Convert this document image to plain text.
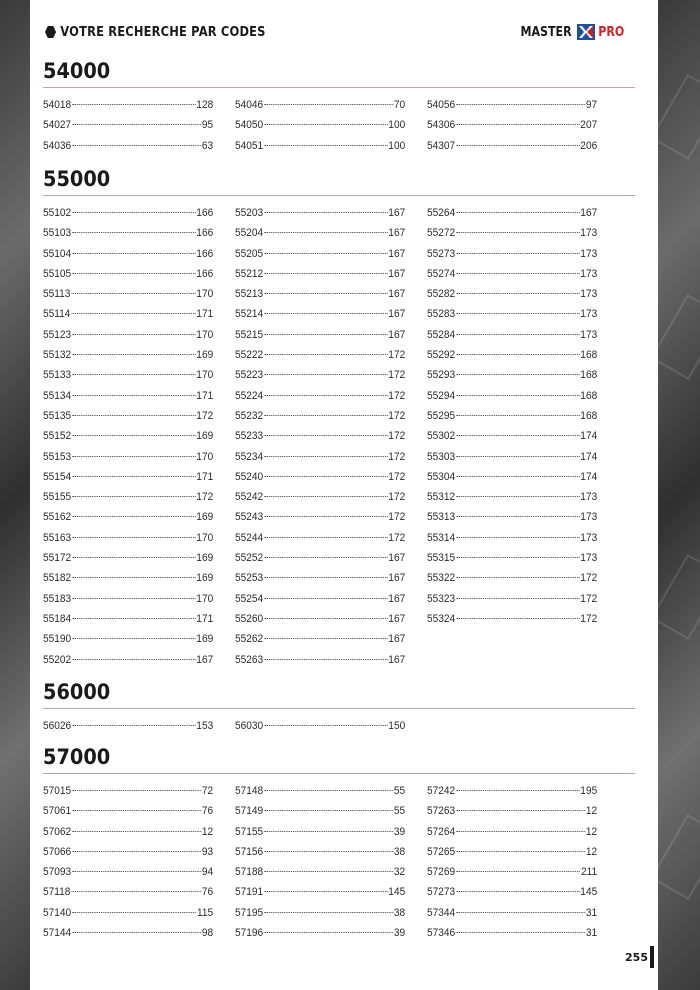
VOTRE RECHERCHE PAR CODES	MASTER PRO
54000
54018	128
54027	95
54036	63
54046	70
54050	100
54051	100
54056	97
54306	207
54307	206
55000
55102	166
55103	166
55104	166
55105	166
55113	170
55114	171
55123	170
55132	169
55133	170
55134	171
55135	172
55152	169
55153	170
55154	171
55155	172
55162	169
55163	170
55172	169
55182	169
55183	170
55184	171
55190	169
55202	167
55203	167
55204	167
55205	167
55212	167
55213	167
55214	167
55215	167
55222	172
55223	172
55224	172
55232	172
55233	172
55234	172
55240	172
55242	172
55243	172
55244	172
55252	167
55253	167
55254	167
55260	167
55262	167
55263	167
55264	167
55272	173
55273	173
55274	173
55282	173
55283	173
55284	173
55292	168
55293	168
55294	168
55295	168
55302	174
55303	174
55304	174
55312	173
55313	173
55314	173
55315	173
55322	172
55323	172
55324	172
56000
56026	153 56030	150
57000
57015	72
57061	76
57062	12
57066	93
57093	94
57118	76
57140	115
57144	98
57148	55
57149	55
57155	39
57156	38
57188	32
57191	145
57195	38
57196	39
57242	195
57263	12
57264	12
57265	12
57269	211
57273	145
57344	31
57346	31
255
